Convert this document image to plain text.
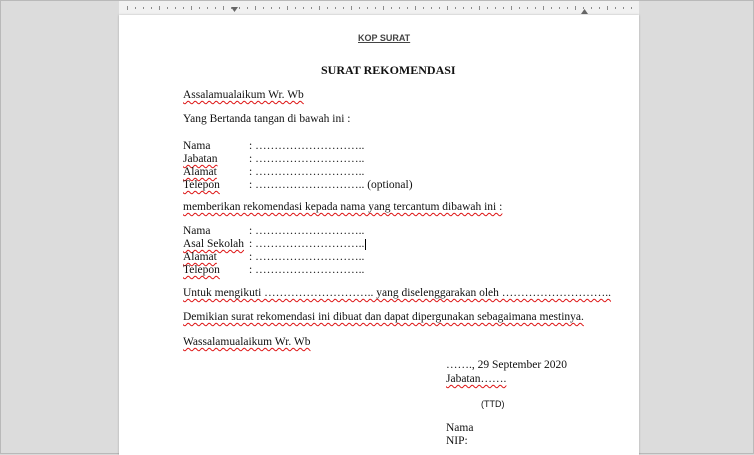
KOP SURAT
SURAT REKOMENDASI
Assalamualaikum Wr. Wb
Yang Bertanda tangan di bawah ini :
Nama	: ………………………..
Jabatan	: ………………………..
Alamat	: ………………………..
Telepon	: ……………………….. (optional)
memberikan rekomendasi kepada nama yang tercantum dibawah ini :
Nama	: ………………………..
Asal Sekolah : ………………………..
Alamat	: ………………………..
Telepon	: ………………………..
Untuk mengikuti ……………………….. yang diselenggarakan oleh ………………………..
Demikian surat rekomendasi ini dibuat dan dapat dipergunakan sebagaimana mestinya.
Wassalamualaikum Wr. Wb
……., 29 September 2020
Jabatan…….
(TTD)
Nama
NIP:
